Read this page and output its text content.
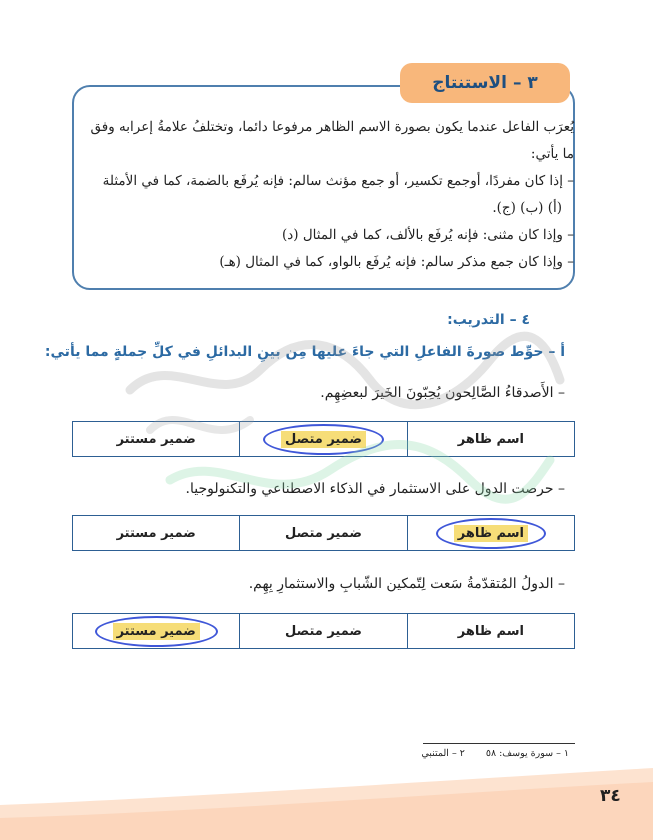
٣ –
الاستنتاج

يُعرَب الفاعل عندما يكون بصورة الاسم الظاهر مرفوعا دائما، وتختلفُ علامةُ إعرابه وفق

ما يأتي:

– إذا كان مفردًا، أوجمع تكسير، أو جمع مؤنث سالم: فإنه يُرفَع بالضمة، كما في الأمثلة

(أ) (ب) (ج).

– وإذا كان مثنى: فإنه يُرفَع بالألف، كما في المثال (د)

– وإذا كان جمع مذكر سالم: فإنه يُرفَع بالواو، كما في المثال (هـ)

٤ – التدريب:
أ – حوِّط صورةَ الفاعلِ التي جاءَ عليها مِن بينِ البدائلِ في كلِّ جملةٍ مما يأتي:
– الأَصدقاءُ الصَّالِحون يُحِبّونَ الخَيرَ لبعضِهِم.
اسم ظاهر
ضمير متصل
ضمير مستتر
– حرصت الدول على الاستثمار في الذكاء الاصطناعي والتكنولوجيا.
اسم ظاهر
ضمير متصل
ضمير مستتر
– الدولُ المُتقدّمةُ سَعت لِتّمكين الشّبابِ والاستثمارِ بِهِم.
اسم ظاهر
ضمير متصل
ضمير مستتر
١ – سورة يوسف: ٥٨ ٢ – المتنبي
٣٤
